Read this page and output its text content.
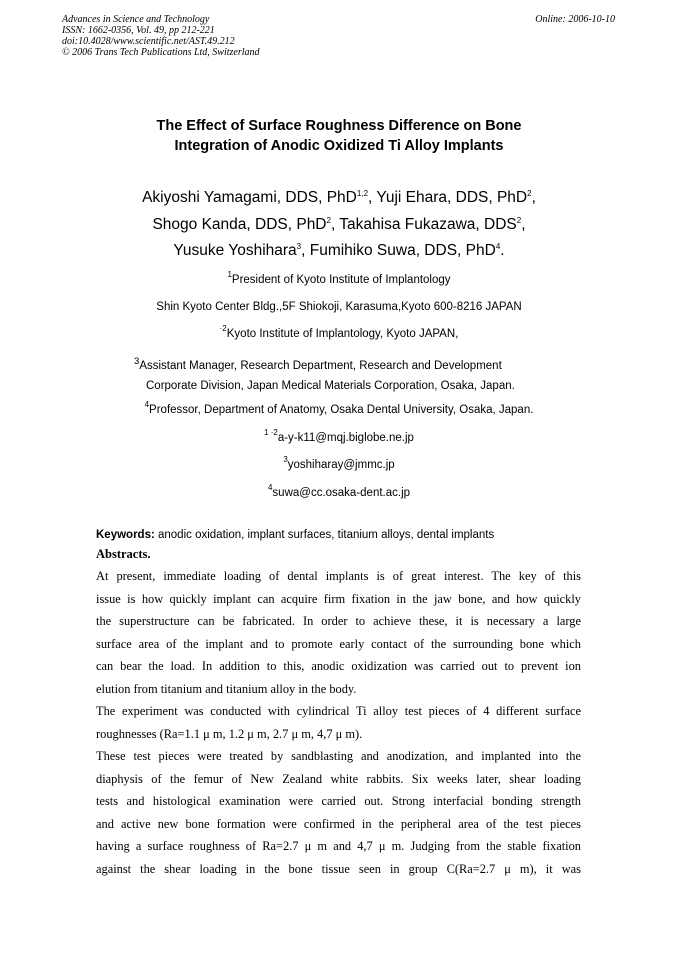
Advances in Science and Technology
ISSN: 1662-0356, Vol. 49, pp 212-221
doi:10.4028/www.scientific.net/AST.49.212
© 2006 Trans Tech Publications Ltd, Switzerland
Online: 2006-10-10
The Effect of Surface Roughness Difference on Bone
Integration of Anodic Oxidized Ti Alloy Implants
Akiyoshi Yamagami, DDS, PhD$^{1,2}$, Yuji Ehara, DDS, PhD$^2$,
Shogo Kanda, DDS, PhD$^2$, Takahisa Fukazawa, DDS$^2$,
Yusuke Yoshihara$^3$, Fumihiko Suwa, DDS, PhD$^4$.
$^1$President of Kyoto Institute of Implantology
Shin Kyoto Center Bldg.,5F Shiokoji, Karasuma,Kyoto 600-8216 JAPAN
$^{\cdot 2}$Kyoto Institute of Implantology, Kyoto JAPAN,
$^3$Assistant Manager, Research Department, Research and Development
Corporate Division, Japan Medical Materials Corporation, Osaka, Japan.
$^4$Professor, Department of Anatomy, Osaka Dental University, Osaka, Japan.
$^{1 \cdot 2}$a-y-k11@mqj.biglobe.ne.jp
$^3$yoshiharay@jmmc.jp
$^4$suwa@cc.osaka-dent.ac.jp
Keywords: anodic oxidation, implant surfaces, titanium alloys, dental implants
Abstracts.
At present, immediate loading of dental implants is of great interest. The key of this
issue is how quickly implant can acquire firm fixation in the jaw bone, and how quickly
the superstructure can be fabricated. In order to achieve these, it is necessary a large
surface area of the implant and to promote early contact of the surrounding bone which
can bear the load. In addition to this, anodic oxidization was carried out to prevent ion
elution from titanium and titanium alloy in the body.
The experiment was conducted with cylindrical Ti alloy test pieces of 4 different surface
roughnesses (Ra=1.1 μ m, 1.2 μ m, 2.7 μ m, 4,7 μ m).
These test pieces were treated by sandblasting and anodization, and implanted into the
diaphysis of the femur of New Zealand white rabbits. Six weeks later, shear loading
tests and histological examination were carried out. Strong interfacial bonding strength
and active new bone formation were confirmed in the peripheral area of the test pieces
having a surface roughness of Ra=2.7 μ m and 4,7 μ m. Judging from the stable fixation
against the shear loading in the bone tissue seen in group C(Ra=2.7 μ m), it was
